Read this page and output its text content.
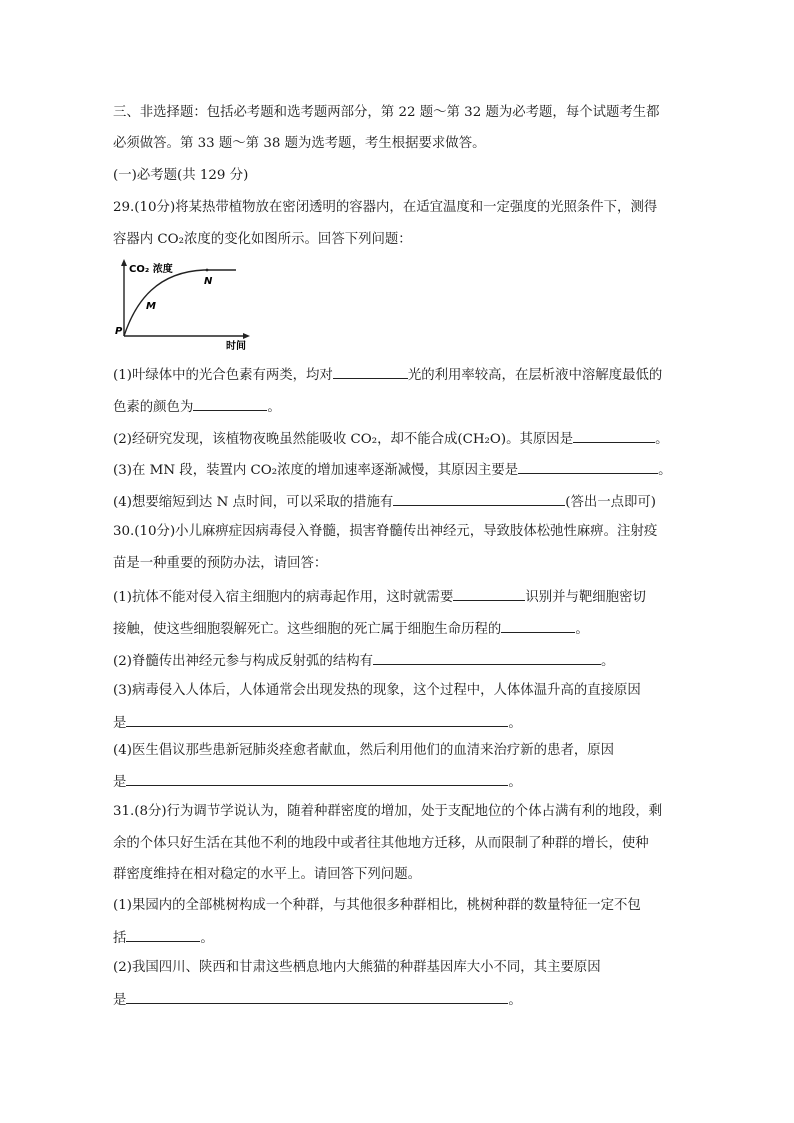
三、非选择题：包括必考题和选考题两部分，第 22 题～第 32 题为必考题，每个试题考生都
必须做答。第 33 题～第 38 题为选考题，考生根据要求做答。
(一)必考题(共 129 分)
29.(10分)将某热带植物放在密闭透明的容器内，在适宜温度和一定强度的光照条件下，测得
容器内 CO₂浓度的变化如图所示。回答下列问题：
CO₂ 浓度
时间
P
M
N
(1)叶绿体中的光合色素有两类，均对	光的利用率较高，在层析液中溶解度最低的
色素的颜色为	。
(2)经研究发现，该植物夜晚虽然能吸收 CO₂，却不能合成(CH₂O)。其原因是	。
(3)在 MN 段，装置内 CO₂浓度的增加速率逐渐减慢，其原因主要是	。
(4)想要缩短到达 N 点时间，可以采取的措施有	(答出一点即可)
30.(10分)小儿麻痹症因病毒侵入脊髓，损害脊髓传出神经元，导致肢体松弛性麻痹。注射疫
苗是一种重要的预防办法，请回答：
(1)抗体不能对侵入宿主细胞内的病毒起作用，这时就需要	识别并与靶细胞密切
接触，使这些细胞裂解死亡。这些细胞的死亡属于细胞生命历程的	。
(2)脊髓传出神经元参与构成反射弧的结构有	。
(3)病毒侵入人体后，人体通常会出现发热的现象，这个过程中，人体体温升高的直接原因
是	。
(4)医生倡议那些患新冠肺炎痊愈者献血，然后利用他们的血清来治疗新的患者，原因
是	。
31.(8分)行为调节学说认为，随着种群密度的增加，处于支配地位的个体占满有利的地段，剩
余的个体只好生活在其他不利的地段中或者往其他地方迁移，从而限制了种群的增长，使种
群密度维持在相对稳定的水平上。请回答下列问题。
(1)果园内的全部桃树构成一个种群，与其他很多种群相比，桃树种群的数量特征一定不包
括	。
(2)我国四川、陕西和甘肃这些栖息地内大熊猫的种群基因库大小不同，其主要原因
是	。
